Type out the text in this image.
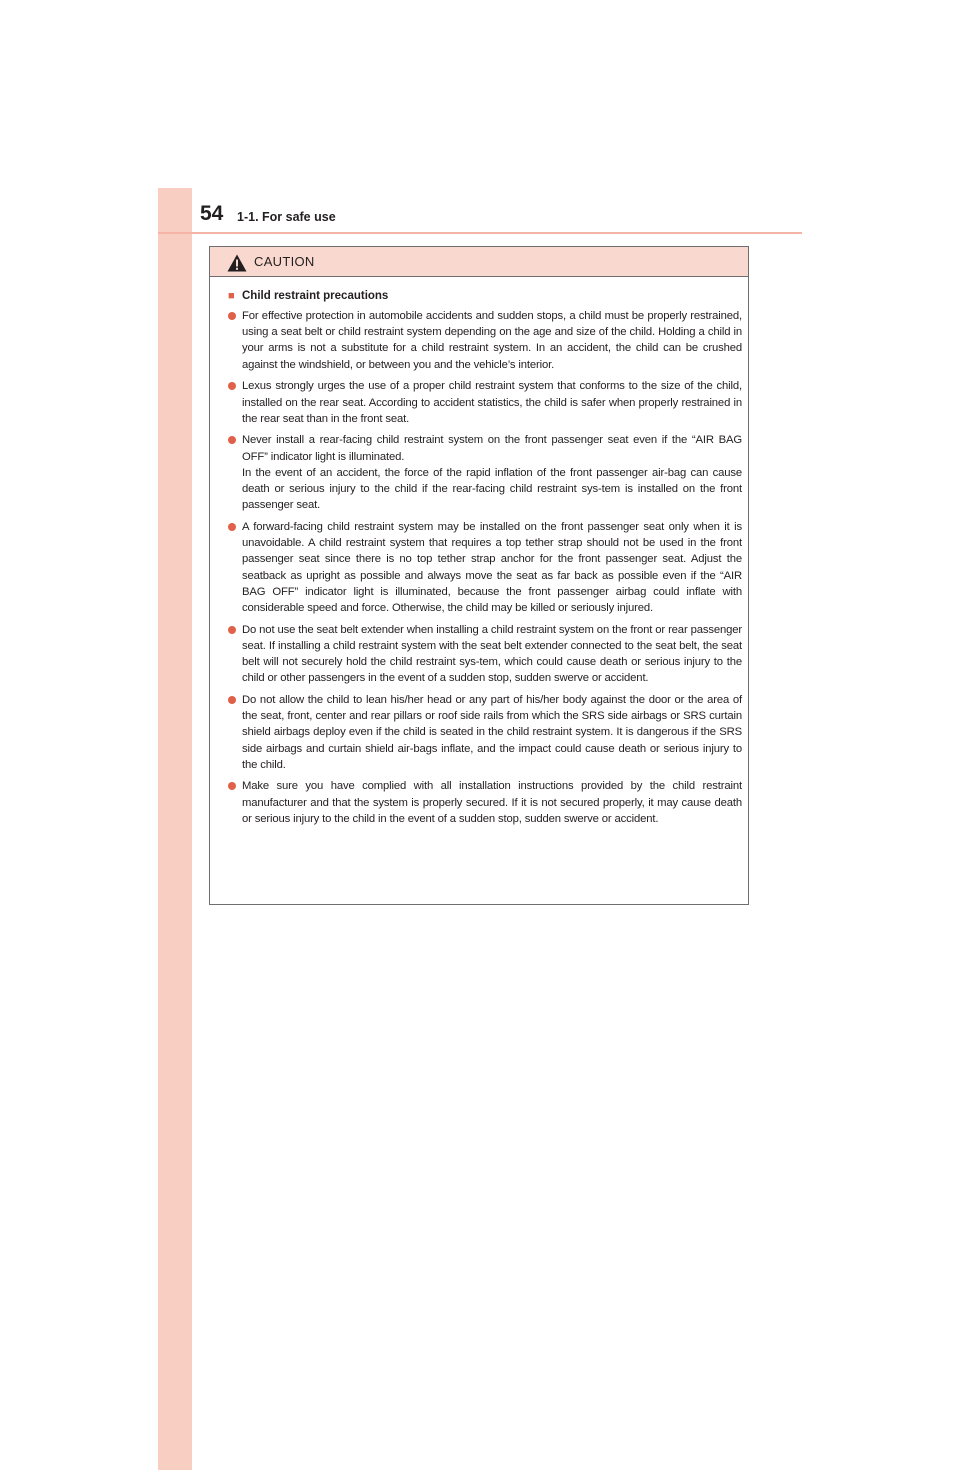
54 1-1. For safe use
CAUTION
■ Child restraint precautions
For effective protection in automobile accidents and sudden stops, a child must be properly restrained, using a seat belt or child restraint system depending on the age and size of the child. Holding a child in your arms is not a substitute for a child restraint system. In an accident, the child can be crushed against the windshield, or between you and the vehicle’s interior.
Lexus strongly urges the use of a proper child restraint system that conforms to the size of the child, installed on the rear seat. According to accident statistics, the child is safer when properly restrained in the rear seat than in the front seat.
Never install a rear-facing child restraint system on the front passenger seat even if the “AIR BAG OFF” indicator light is illuminated.
In the event of an accident, the force of the rapid inflation of the front passenger air-bag can cause death or serious injury to the child if the rear-facing child restraint sys-tem is installed on the front passenger seat.
A forward-facing child restraint system may be installed on the front passenger seat only when it is unavoidable. A child restraint system that requires a top tether strap should not be used in the front passenger seat since there is no top tether strap anchor for the front passenger seat. Adjust the seatback as upright as possible and always move the seat as far back as possible even if the “AIR BAG OFF” indicator light is illuminated, because the front passenger airbag could inflate with considerable speed and force. Otherwise, the child may be killed or seriously injured.
Do not use the seat belt extender when installing a child restraint system on the front or rear passenger seat. If installing a child restraint system with the seat belt extender connected to the seat belt, the seat belt will not securely hold the child restraint sys-tem, which could cause death or serious injury to the child or other passengers in the event of a sudden stop, sudden swerve or accident.
Do not allow the child to lean his/her head or any part of his/her body against the door or the area of the seat, front, center and rear pillars or roof side rails from which the SRS side airbags or SRS curtain shield airbags deploy even if the child is seated in the child restraint system. It is dangerous if the SRS side airbags and curtain shield air-bags inflate, and the impact could cause death or serious injury to the child.
Make sure you have complied with all installation instructions provided by the child restraint manufacturer and that the system is properly secured. If it is not secured properly, it may cause death or serious injury to the child in the event of a sudden stop, sudden swerve or accident.
